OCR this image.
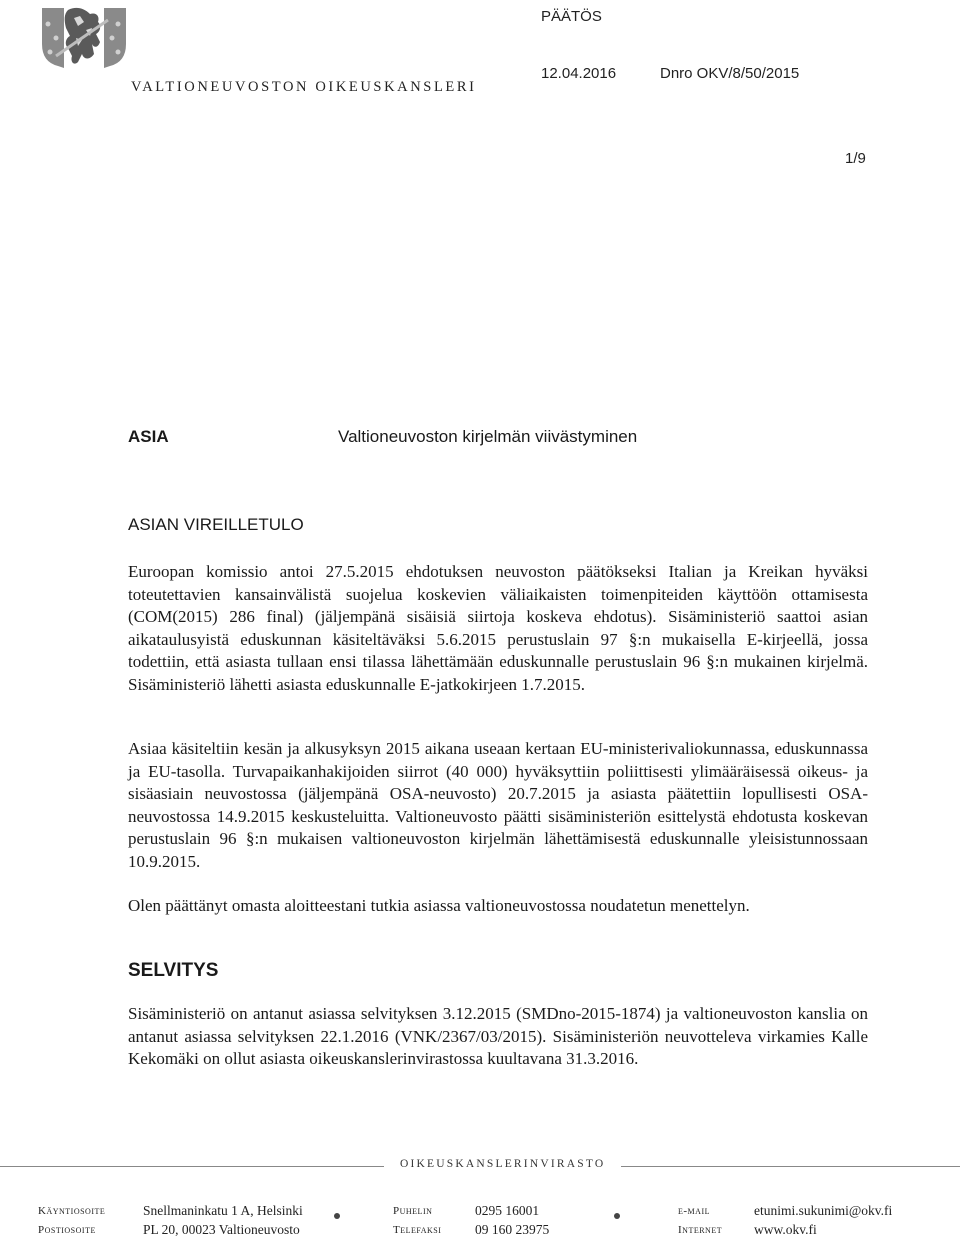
VALTIONEUVOSTON OIKEUSKANSLERI
PÄÄTÖS
12.04.2016	Dnro OKV/8/50/2015
1/9
ASIA	Valtioneuvoston kirjelmän viivästyminen
ASIAN VIREILLETULO
Euroopan komissio antoi 27.5.2015 ehdotuksen neuvoston päätökseksi Italian ja Kreikan hyväksi toteutettavien kansainvälistä suojelua koskevien väliaikaisten toimenpiteiden käyttöön ottamisesta (COM(2015) 286 final) (jäljempänä sisäisiä siirtoja koskeva ehdotus). Sisäministeriö saattoi asian aikataulusyistä eduskunnan käsiteltäväksi 5.6.2015 perustuslain 97 §:n mukaisella E-kirjeellä, jossa todettiin, että asiasta tullaan ensi tilassa lähettämään eduskunnalle perustuslain 96 §:n mukainen kirjelmä. Sisäministeriö lähetti asiasta eduskunnalle E-jatkokirjeen 1.7.2015.
Asiaa käsiteltiin kesän ja alkusyksyn 2015 aikana useaan kertaan EU-ministerivaliokunnassa, eduskunnassa ja EU-tasolla. Turvapaikanhakijoiden siirrot (40 000) hyväksyttiin poliittisesti ylimääräisessä oikeus- ja sisäasiain neuvostossa (jäljempänä OSA-neuvosto) 20.7.2015 ja asiasta päätettiin lopullisesti OSA-neuvostossa 14.9.2015 keskusteluitta. Valtioneuvosto päätti sisäministeriön esittelystä ehdotusta koskevan perustuslain 96 §:n mukaisen valtioneuvoston kirjelmän lähettämisestä eduskunnalle yleisistunnossaan 10.9.2015.
Olen päättänyt omasta aloitteestani tutkia asiassa valtioneuvostossa noudatetun menettelyn.
SELVITYS
Sisäministeriö on antanut asiassa selvityksen 3.12.2015 (SMDno-2015-1874) ja valtioneuvoston kanslia on antanut asiassa selvityksen 22.1.2016 (VNK/2367/03/2015). Sisäministeriön neuvotteleva virkamies Kalle Kekomäki on ollut asiasta oikeuskanslerinvirastossa kuultavana 31.3.2016.
OIKEUSKANSLERINVIRASTO
Käyntiosoite	Snellmaninkatu 1 A, Helsinki
Postiosoite	PL 20, 00023 Valtioneuvosto
Puhelin	0295 16001
Telefaksi 09 160 23975
e-mail	etunimi.sukunimi@okv.fi
Internet www.okv.fi
